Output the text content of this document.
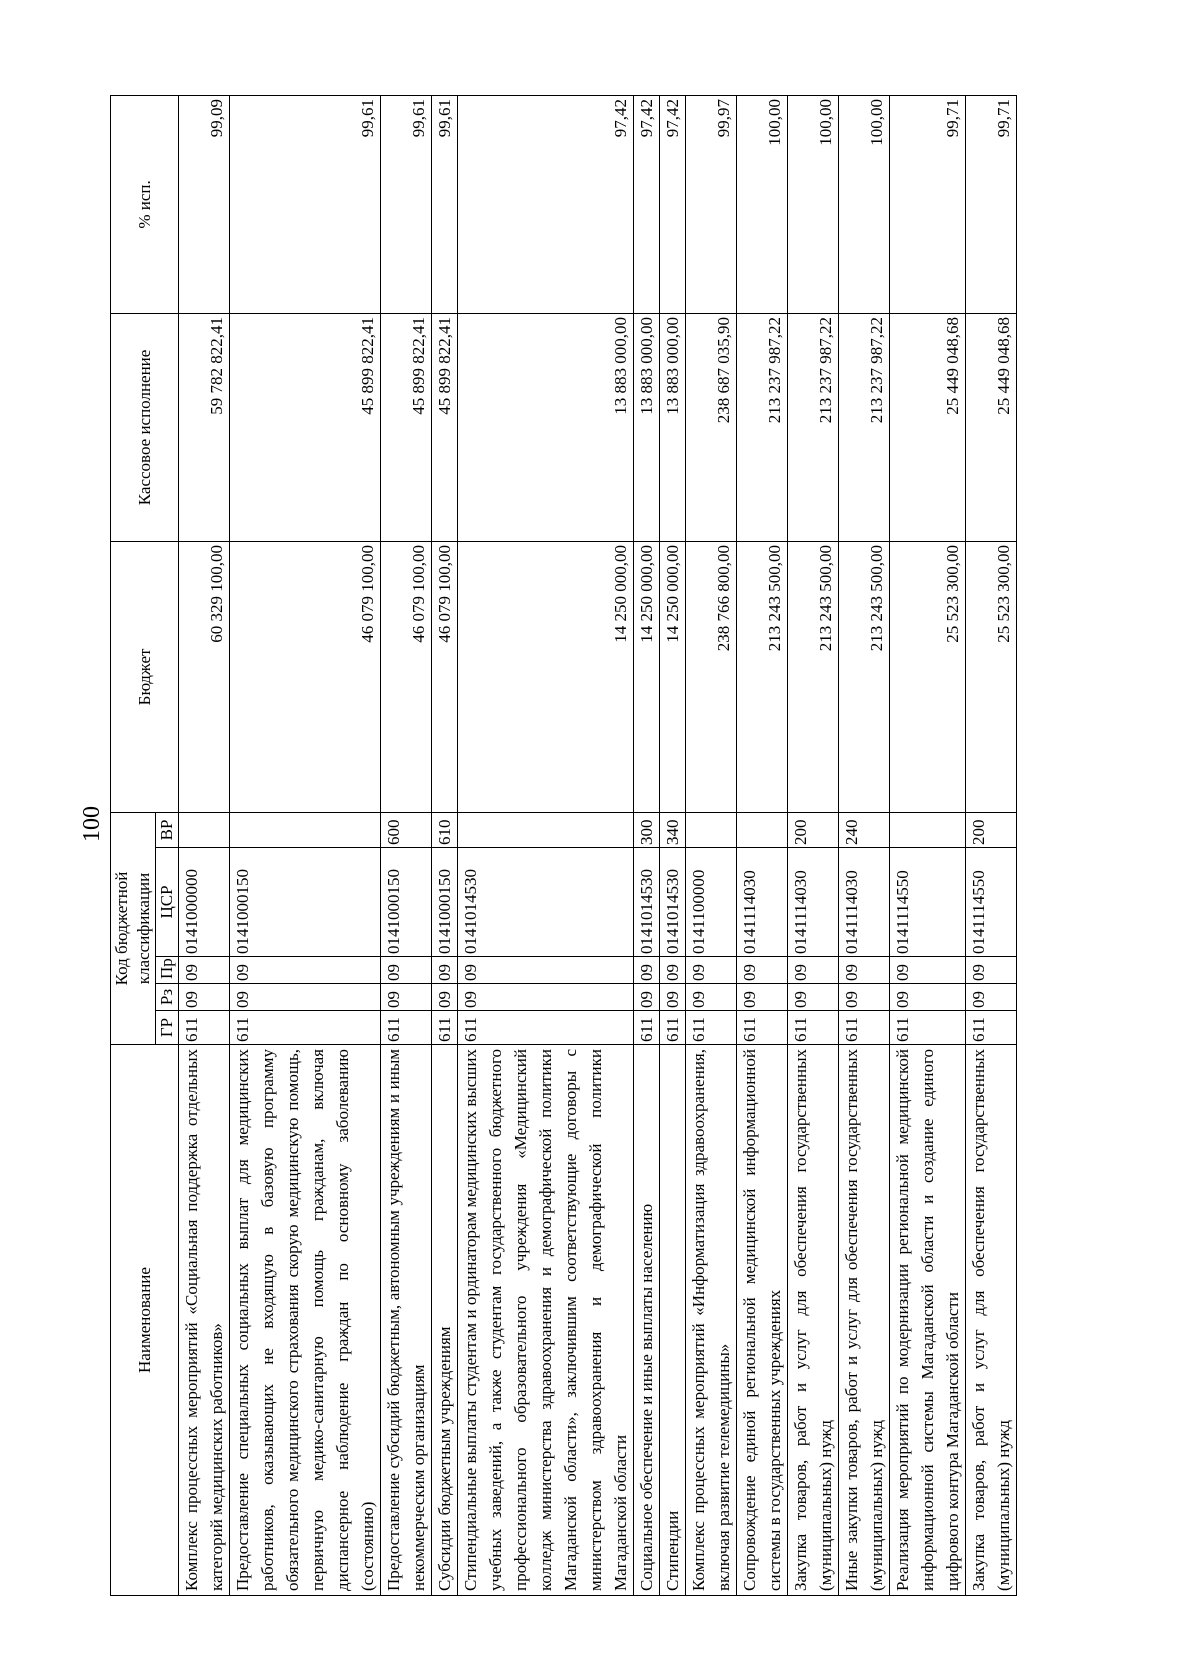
100
Наименование	Код бюджетной классификации					Бюджет	Кассовое исполнение	% исп.
	ГР	Рз	Пр	ЦСР	ВР			
Комплекс процессных мероприятий «Социальная поддержка отдельных категорий медицинских работников»	611	09	09	0141000000		60 329 100,00	59 782 822,41	99,09
Предоставление специальных социальных выплат для медицинских работников, оказывающих не входящую в базовую программу обязательного медицинского страхования скорую медицинскую помощь, первичную медико-санитарную помощь гражданам, включая диспансерное наблюдение граждан по основному заболеванию (состоянию)	611	09	09	0141000150		46 079 100,00	45 899 822,41	99,61
Предоставление субсидий бюджетным, автономным учреждениям и иным некоммерческим организациям	611	09	09	0141000150	600	46 079 100,00	45 899 822,41	99,61
Субсидии бюджетным учреждениям	611	09	09	0141000150	610	46 079 100,00	45 899 822,41	99,61
Стипендиальные выплаты студентам и ординаторам медицинских высших учебных заведений, а также студентам государственного бюджетного профессионального образовательного учреждения «Медицинский колледж министерства здравоохранения и демографической политики Магаданской области», заключившим соответствующие договоры с министерством здравоохранения и демографической политики Магаданской области	611	09	09	0141014530		14 250 000,00	13 883 000,00	97,42
Социальное обеспечение и иные выплаты населению	611	09	09	0141014530	300	14 250 000,00	13 883 000,00	97,42
Стипендии	611	09	09	0141014530	340	14 250 000,00	13 883 000,00	97,42
Комплекс процессных мероприятий «Информатизация здравоохранения, включая развитие телемедицины»	611	09	09	0141100000		238 766 800,00	238 687 035,90	99,97
Сопровождение единой региональной медицинской информационной системы в государственных учреждениях	611	09	09	0141114030		213 243 500,00	213 237 987,22	100,00
Закупка товаров, работ и услуг для обеспечения государственных (муниципальных) нужд	611	09	09	0141114030	200	213 243 500,00	213 237 987,22	100,00
Иные закупки товаров, работ и услуг для обеспечения государственных (муниципальных) нужд	611	09	09	0141114030	240	213 243 500,00	213 237 987,22	100,00
Реализация мероприятий по модернизации региональной медицинской информационной системы Магаданской области и создание единого цифрового контура Магаданской области	611	09	09	0141114550		25 523 300,00	25 449 048,68	99,71
Закупка товаров, работ и услуг для обеспечения государственных (муниципальных) нужд	611	09	09	0141114550	200	25 523 300,00	25 449 048,68	99,71
